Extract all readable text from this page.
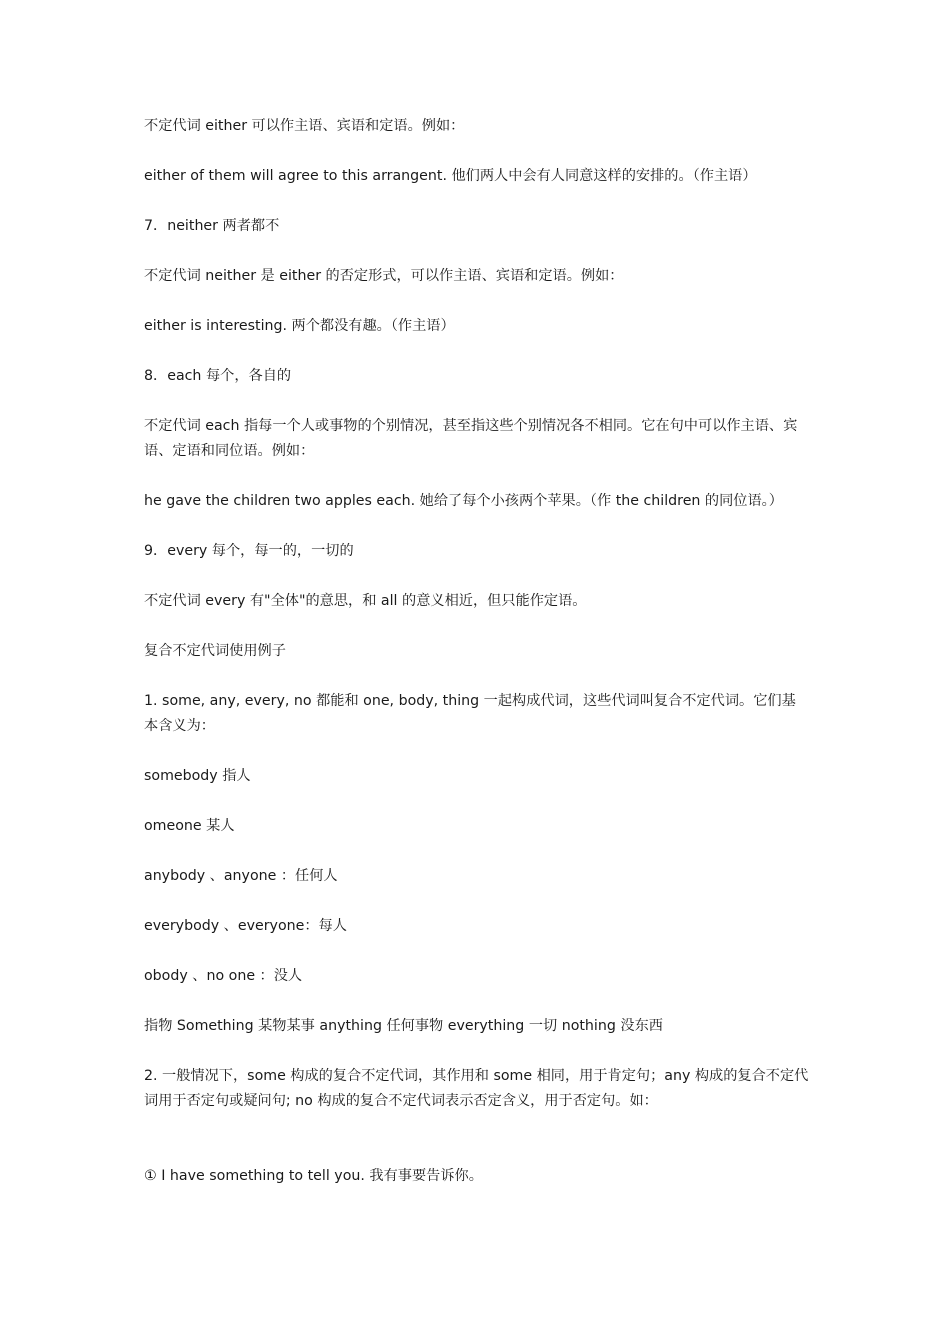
不定代词 either 可以作主语、宾语和定语。例如：

either of them will agree to this arrangent. 他们两人中会有人同意这样的安排的。（作主语）

7．neither 两者都不

不定代词 neither 是 either 的否定形式，可以作主语、宾语和定语。例如：

either is interesting. 两个都没有趣。（作主语）

8．each 每个，各自的

不定代词 each 指每一个人或事物的个别情况，甚至指这些个别情况各不相同。它在句中可以作主语、宾语、定语和同位语。例如：

he gave the children two apples each. 她给了每个小孩两个苹果。（作 the children 的同位语。）

9．every 每个，每一的，一切的

不定代词 every 有"全体"的意思，和 all 的意义相近，但只能作定语。

复合不定代词使用例子

1. some, any, every, no 都能和 one, body, thing 一起构成代词，这些代词叫复合不定代词。它们基本含义为：

somebody 指人

omeone 某人

anybody 、anyone ：任何人

everybody 、everyone：每人

obody 、no one ：没人

指物 Something 某物某事 anything 任何事物 everything 一切 nothing 没东西

2. 一般情况下，some 构成的复合不定代词，其作用和 some 相同，用于肯定句；any 构成的复合不定代词用于否定句或疑问句; no 构成的复合不定代词表示否定含义，用于否定句。如：

① I have something to tell you. 我有事要告诉你。
